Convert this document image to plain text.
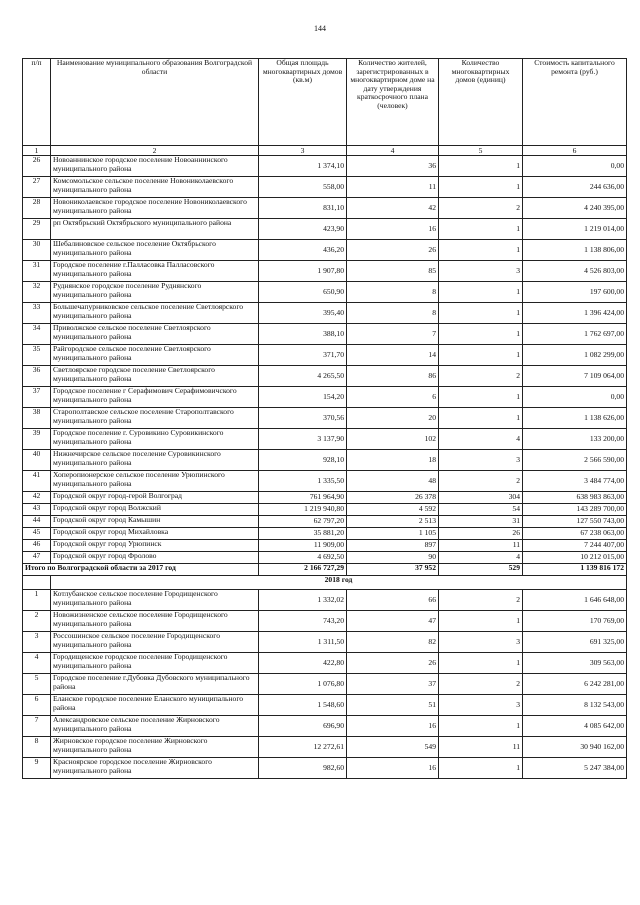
144
п/п	Наименование муниципального образования Волгоградской области	Общая площадь многоквартирных домов (кв.м)	Количество жителей, зарегистрированных в многоквартирном доме на дату утверждения краткосрочного плана (человек)	Количество многоквартирных домов (единиц)	Стоимость капитального ремонта (руб.)
1	2	3	4	5	6
26	Новоаннинское городское поселение Новоаннинского муниципального района	1 374,10	36	1	0,00
27	Комсомольское сельское поселение Новониколаевского муниципального района	558,00	11	1	244 636,00
28	Новониколаевское городское поселение Новониколаевского муниципального района	831,10	42	2	4 240 395,00
29	рп Октябрьский Октябрьского муниципального района	423,90	16	1	1 219 014,00
30	Шебалиновское сельское поселение Октябрьского муниципального района	436,20	26	1	1 138 806,00
31	Городское поселение г.Палласовка Палласовского муниципального района	1 907,80	85	3	4 526 803,00
32	Руднянское городское поселение Руднянского муниципального района	650,90	8	1	197 600,00
33	Большечапурниковское сельское поселение Светлоярского муниципального района	395,40	8	1	1 396 424,00
34	Приволжское сельское поселение Светлоярского муниципального района	388,10	7	1	1 762 697,00
35	Райгородское сельское поселение Светлоярского муниципального района	371,70	14	1	1 082 299,00
36	Светлоярское городское поселение Светлоярского муниципального района	4 265,50	86	2	7 109 064,00
37	Городское поселение г Серафимович Серафимовичского муниципального района	154,20	6	1	0,00
38	Старополтавское сельское поселение Старополтавского муниципального района	370,56	20	1	1 138 626,00
39	Городское поселение г. Суровикино Суровикинского муниципального района	3 137,90	102	4	133 200,00
40	Нижнечирское сельское поселение Суровикинского муниципального района	928,10	18	3	2 566 590,00
41	Хоперопионерское сельское поселение Урюпинского муниципального района	1 335,50	48	2	3 484 774,00
42	Городской округ город-герой Волгоград	761 964,90	26 378	304	638 983 863,00
43	Городской округ город Волжский	1 219 940,80	4 592	54	143 289 700,00
44	Городской округ город Камышин	62 797,20	2 513	31	127 550 743,00
45	Городской округ город Михайловка	35 881,20	1 105	26	67 238 063,00
46	Городской округ город Урюпинск	11 909,00	897	11	7 244 407,00
47	Городской округ город Фролово	4 692,50	90	4	10 212 015,00
Итого по Волгоградской области за 2017 год		2 166 727,29	37 952	529	1 139 816 172
	2018 год				
1	Котлубанское сельское поселение Городищенского муниципального района	1 332,02	66	2	1 646 648,00
2	Новожизненское сельское поселение Городищенского муниципального района	743,20	47	1	170 769,00
3	Россошинское сельское поселение Городищенского муниципального района	1 311,50	82	3	691 325,00
4	Городищенское городское поселение Городищенского муниципального района	422,80	26	1	309 563,00
5	Городское поселение г.Дубовка Дубовского муниципального района	1 076,80	37	2	6 242 281,00
6	Еланское городское поселение Еланского муниципального района	1 548,60	51	3	8 132 543,00
7	Александровское сельское поселение Жирновского муниципального района	696,90	16	1	4 085 642,00
8	Жирновское городское поселение Жирновского муниципального района	12 272,61	549	11	30 940 162,00
9	Красноярское городское поселение Жирновского муниципального района	982,60	16	1	5 247 384,00
